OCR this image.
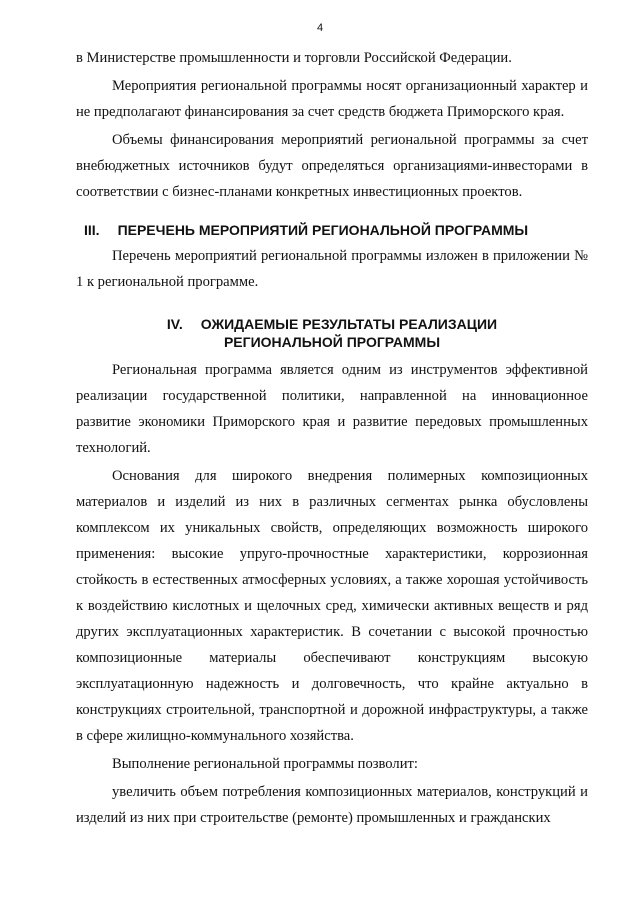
4

в Министерстве промышленности и торговли Российской Федерации.

Мероприятия региональной программы носят организационный характер и не предполагают финансирования за счет средств бюджета Приморского края.

Объемы финансирования мероприятий региональной программы за счет внебюджетных источников будут определяться организациями-инвесторами в соответствии с бизнес-планами конкретных инвестиционных проектов.

III. ПЕРЕЧЕНЬ МЕРОПРИЯТИЙ РЕГИОНАЛЬНОЙ ПРОГРАММЫ

Перечень мероприятий региональной программы изложен в приложении № 1 к региональной программе.

IV. ОЖИДАЕМЫЕ РЕЗУЛЬТАТЫ РЕАЛИЗАЦИИ
РЕГИОНАЛЬНОЙ ПРОГРАММЫ

Региональная программа является одним из инструментов эффективной реализации государственной политики, направленной на инновационное развитие экономики Приморского края и развитие передовых промышленных технологий.

Основания для широкого внедрения полимерных композиционных материалов и изделий из них в различных сегментах рынка обусловлены комплексом их уникальных свойств, определяющих возможность широкого применения: высокие упруго-прочностные характеристики, коррозионная стойкость в естественных атмосферных условиях, а также хорошая устойчивость к воздействию кислотных и щелочных сред, химически активных веществ и ряд других эксплуатационных характеристик. В сочетании с высокой прочностью композиционные материалы обеспечивают конструкциям высокую эксплуатационную надежность и долговечность, что крайне актуально в конструкциях строительной, транспортной и дорожной инфраструктуры, а также в сфере жилищно-коммунального хозяйства.

Выполнение региональной программы позволит:

увеличить объем потребления композиционных материалов, конструкций и изделий из них при строительстве (ремонте) промышленных и гражданских
